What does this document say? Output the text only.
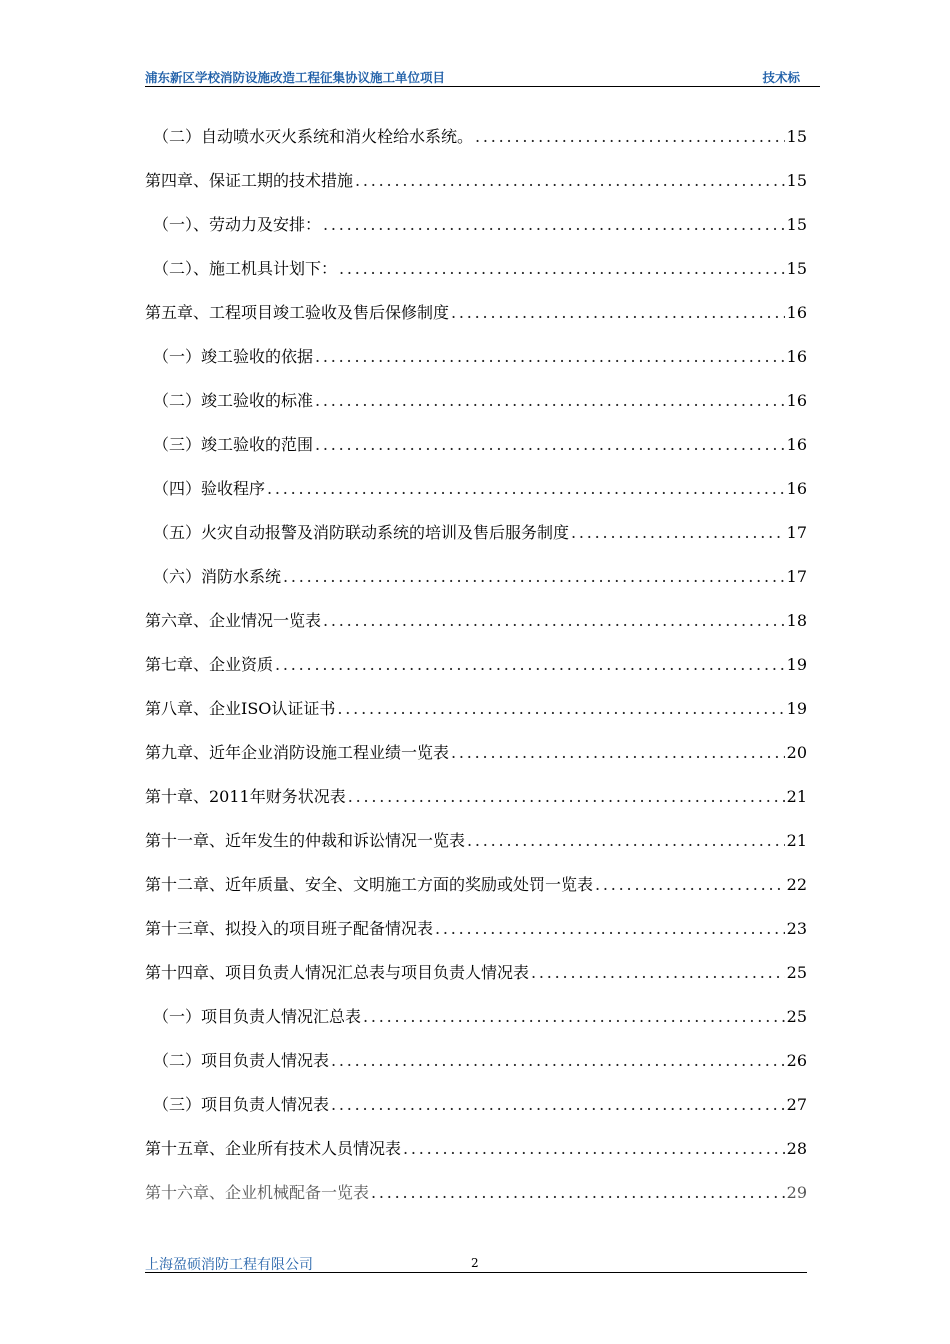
浦东新区学校消防设施改造工程征集协议施工单位项目	技术标
（二）自动喷水灭火系统和消火栓给水系统。 .....	15
第四章、保证工期的技术措施 .....	15
（一）、劳动力及安排： .....	15
（二）、施工机具计划下： .....	15
第五章、工程项目竣工验收及售后保修制度 .....	16
（一）竣工验收的依据 .....	16
（二）竣工验收的标准 .....	16
（三）竣工验收的范围 .....	16
（四）验收程序 .....	16
（五）火灾自动报警及消防联动系统的培训及售后服务制度 .....	17
（六）消防水系统 .....	17
第六章、企业情况一览表 .....	18
第七章、企业资质 .....	19
第八章、企业ISO认证证书 .....	19
第九章、近年企业消防设施工程业绩一览表 .....	20
第十章、2011年财务状况表 .....	21
第十一章、近年发生的仲裁和诉讼情况一览表 .....	21
第十二章、近年质量、安全、文明施工方面的奖励或处罚一览表 .....	22
第十三章、拟投入的项目班子配备情况表 .....	23
第十四章、项目负责人情况汇总表与项目负责人情况表 .....	25
（一）项目负责人情况汇总表 .....	25
（二）项目负责人情况表 .....	26
（三）项目负责人情况表 .....	27
第十五章、企业所有技术人员情况表 .....	28
第十六章、企业机械配备一览表 .....	29
上海盈硕消防工程有限公司	2
